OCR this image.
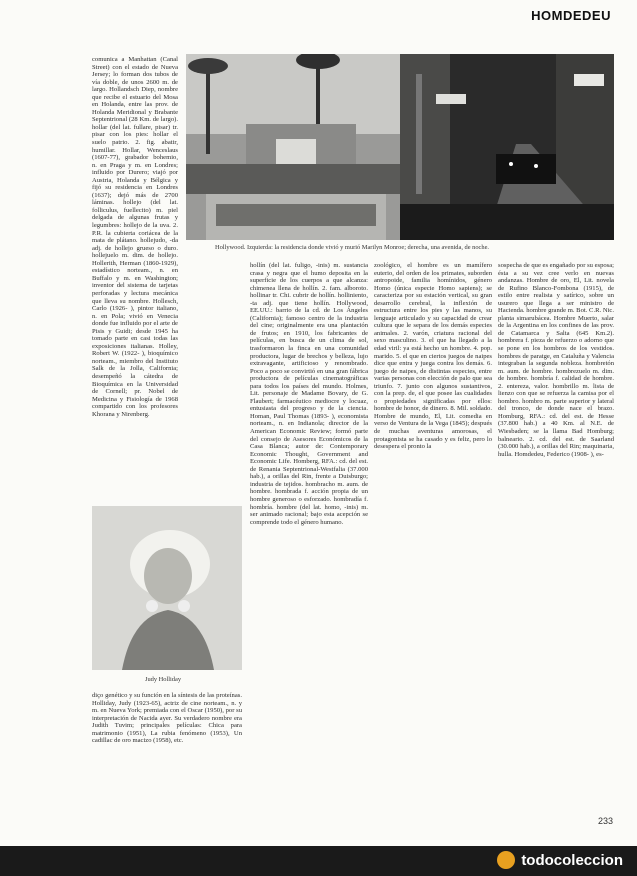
HOMDEDEU
Hollywood. Izquierda: la residencia donde vivió y murió Marilyn Monroe; derecha, una avenida, de noche.
Judy Holliday

comunica a Manhattan (Canal Street) con el estado de Nueva Jersey; lo forman dos tubos de vía doble, de unos 2600 m. de largo. Hollandsch Diep, nombre que recibe el estuario del Mosa en Holanda, entre las prov. de Holanda Meridional y Brabante Septentrional (28 Km. de largo). hollar (del lat. fullare, pisar) tr. pisar con los pies: hollar el suelo patrio. 2. fig. abatir, humillar. Hollar, Wenceslaus (1607-77), grabador bohemio, n. en Praga y m. en Londres; influido por Durero; viajó por Austria, Holanda y Bélgica y fijó su residencia en Londres (1637); dejó más de 2700 láminas. hollejo (del lat. folliculus, fuellecito) m. piel delgada de algunas frutas y legumbres: hollejo de la uva. 2. P.R. la cubierta coriácea de la mata de plátano. hollejudo, -da adj. de hollejo grueso o duro. hollejuelo m. dim. de hollejo. Hollerith, Herman (1860-1929), estadístico norteam., n. en Buffalo y m. en Washington; inventor del sistema de tarjetas perforadas y lectura mecánica que lleva su nombre. Hollesch, Carlo (1926- ), pintor italiano, n. en Pola; vivió en Venecia donde fue influido por el arte de Pisis y Guidi; desde 1945 ha tomado parte en casi todas las exposiciones italianas. Holley, Robert W. (1922- ), bioquímico norteam., miembro del Instituto Salk de la Jolla, California; desempeñó la cátedra de Bioquímica en la Universidad de Cornell; pr. Nobel de Medicina y Fisiología de 1968 compartido con los profesores Khorana y Nirenberg.

diço genético y su función en la síntesis de las proteínas. Holliday, Judy (1923-65), actriz de cine norteam., n. y m. en Nueva York; premiada con el Oscar (1950), por su interpretación de Nacida ayer. Su verdadero nombre era Judith Tuvim; principales películas: Chica para matrimonio (1951), La rubia fenómeno (1953), Un cadillac de oro macizo (1958), etc.

hollín (del lat. fuligo, -inis) m. sustancia crasa y negra que el humo deposita en la superficie de los cuerpos a que alcanza: chimenea llena de hollín. 2. fam. alboroto. hollinar tr. Chi. cubrir de hollín. holliniento, -ta adj. que tiene hollín. Hollywood, EE.UU.: barrio de la cd. de Los Ángeles (California); famoso centro de la industria del cine; originalmente era una plantación de frutos; en 1910, los fabricantes de películas, en busca de un clima de sol, trasformaron la finca en una comunidad productora, lugar de brechos y belleza, lujo extravagante, artificioso y renombrado. Poco a poco se convirtió en una gran fábrica productora de películas cinematográficas para todos los países del mundo. Holmes, Lit. personaje de Madame Bovary, de G. Flaubert; farmacéutico mediocre y locuaz, entusiasta del progreso y de la ciencia. Homan, Paul Thomas (1893- ), economista norteam., n. en Indianola; director de la American Economic Review; formó parte del consejo de Asesores Económicos de la Casa Blanca; autor de: Contemporary Economic Thought, Government and Economic Life. Homberg, RFA.: cd. del est. de Renania Septentrional-Westfalia (37.000 hab.), a orillas del Rin, frente a Duisburgo; industria de tejidos. hombracho m. aum. de hombre. hombrada f. acción propia de un hombre generoso o esforzado. hombradía f. hombría. hombre (del lat. homo, -inis) m. ser animado racional; bajo esta acepción se comprende todo el género humano.

zoológico, el hombre es un mamífero euterio, del orden de los primates, suborden antropoide, familia homínidos, género Homo (única especie Homo sapiens); se caracteriza por su estación vertical, su gran desarrollo cerebral, la inflexión de estructura entre los pies y las manos, su lenguaje articulado y su capacidad de crear cultura que le separa de los demás especies animales. 2. varón, criatura racional del sexo masculino. 3. el que ha llegado a la edad viril: ya está hecho un hombre. 4. pop. marido. 5. el que en ciertos juegos de naipes dice que entra y juega contra los demás. 6. juego de naipes, de distintas especies, entre varias personas con elección de palo que sea triunfo. 7. junto con algunos sustantivos, con la prep. de, el que posee las cualidades o propiedades significadas por ellos: hombre de honor, de dinero. 8. Mil. soldado. Hombre de mundo, El, Lit. comedia en verso de Ventura de la Vega (1845); después de muchas aventuras amorosas, el protagonista se ha casado y es feliz, pero lo desespera el pronto la

sospecha de que es engañado por su esposa; ésta a su vez cree verlo en nuevas andanzas. Hombre de oro, El, Lit. novela de Rufino Blanco-Fombona (1915), de estilo entre realista y satírico, sobre un usurero que llega a ser ministro de Hacienda. hombre grande m. Bot. C.R. Nic. planta simarubácea. Hombre Muerto, salar de la Argentina en los confines de las prov. de Catamarca y Salta (645 Km.2). hombrera f. pieza de refuerzo o adorno que se pone en los hombros de los vestidos. hombres de paratge, en Cataluña y Valencia integraban la segunda nobleza. hombretón m. aum. de hombre. hombrezuelo m. dim. de hombre. hombría f. calidad de hombre. 2. entereza, valor. hombrillo m. lista de lienzo con que se refuerza la camisa por el hombro. hombro m. parte superior y lateral del tronco, de donde nace el brazo. Homburg, RFA.: cd. del est. de Hesse (37.800 hab.) a 40 Km. al N.E. de Wiesbaden; se la llama Bad Homburg; balneario. 2. cd. del est. de Saarland (30.000 hab.), a orillas del Rin; maquinaria, hulla. Homdedeu, Federico (1908- ), es-

233
todocoleccion
